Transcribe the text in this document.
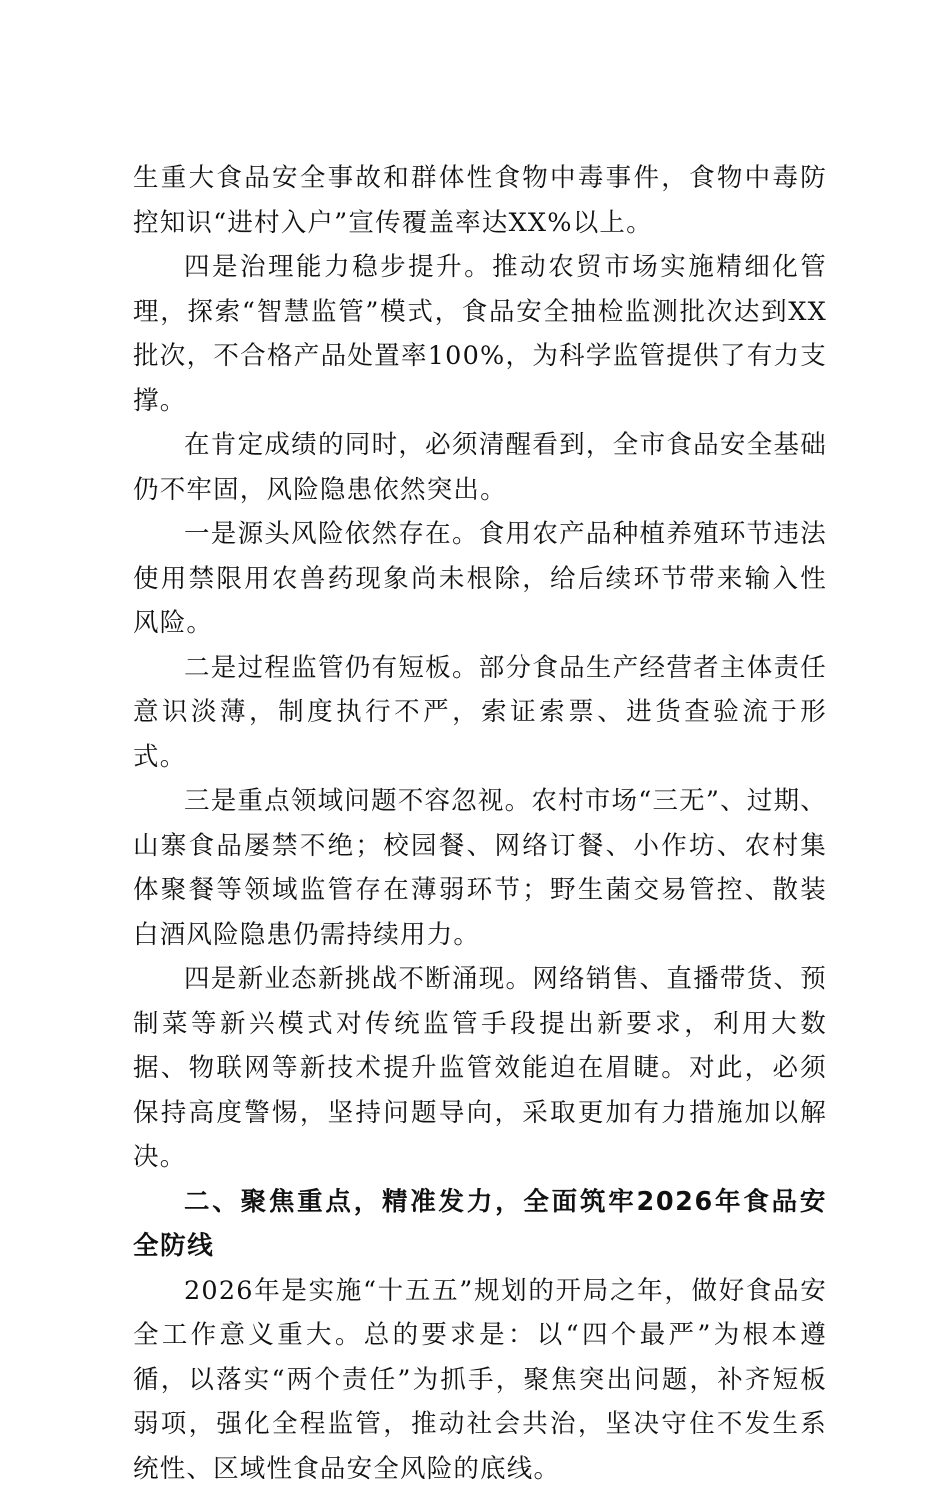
生重大食品安全事故和群体性食物中毒事件，食物中毒防控知识“进村入户”宣传覆盖率达XX%以上。

四是治理能力稳步提升。推动农贸市场实施精细化管理，探索“智慧监管”模式，食品安全抽检监测批次达到XX批次，不合格产品处置率100%，为科学监管提供了有力支撑。

在肯定成绩的同时，必须清醒看到，全市食品安全基础仍不牢固，风险隐患依然突出。

一是源头风险依然存在。食用农产品种植养殖环节违法使用禁限用农兽药现象尚未根除，给后续环节带来输入性风险。

二是过程监管仍有短板。部分食品生产经营者主体责任意识淡薄，制度执行不严，索证索票、进货查验流于形式。

三是重点领域问题不容忽视。农村市场“三无”、过期、山寨食品屡禁不绝；校园餐、网络订餐、小作坊、农村集体聚餐等领域监管存在薄弱环节；野生菌交易管控、散装白酒风险隐患仍需持续用力。

四是新业态新挑战不断涌现。网络销售、直播带货、预制菜等新兴模式对传统监管手段提出新要求，利用大数据、物联网等新技术提升监管效能迫在眉睫。对此，必须保持高度警惕，坚持问题导向，采取更加有力措施加以解决。

二、聚焦重点，精准发力，全面筑牢2026年食品安全防线

2026年是实施“十五五”规划的开局之年，做好食品安全工作意义重大。总的要求是：以“四个最严”为根本遵循，以落实“两个责任”为抓手，聚焦突出问题，补齐短板弱项，强化全程监管，推动社会共治，坚决守住不发生系统性、区域性食品安全风险的底线。
